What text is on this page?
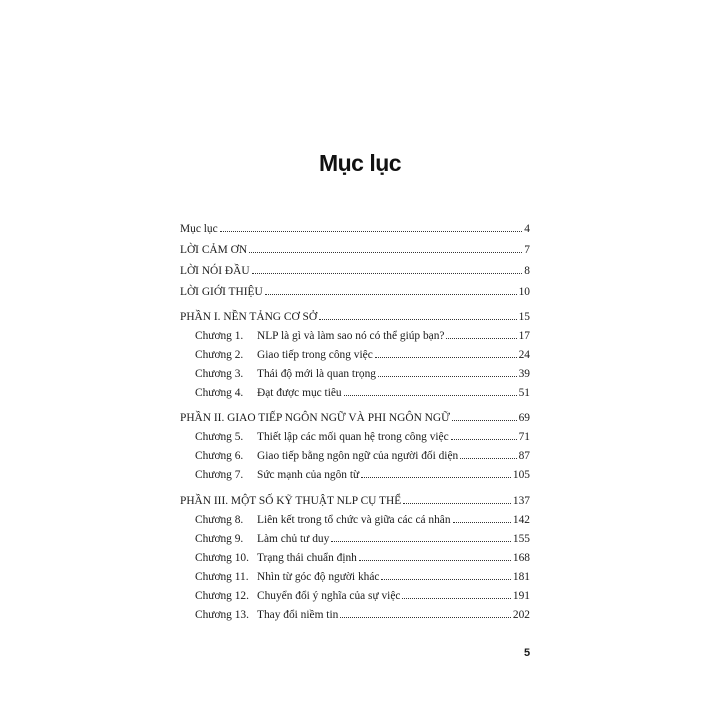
Mục lục
Mục lục	4
LỜI CẢM ƠN	7
LỜI NÓI ĐẦU	8
LỜI GIỚI THIỆU	10
PHẦN I. NỀN TẢNG CƠ SỞ	15
Chương 1.	NLP là gì và làm sao nó có thể giúp bạn?	17
Chương 2.	Giao tiếp trong công việc	24
Chương 3.	Thái độ mới là quan trọng	39
Chương 4.	Đạt được mục tiêu	51
PHẦN II. GIAO TIẾP NGÔN NGỮ VÀ PHI NGÔN NGỮ	69
Chương 5.	Thiết lập các mối quan hệ trong công việc	71
Chương 6.	Giao tiếp bằng ngôn ngữ của người đối diện	87
Chương 7.	Sức mạnh của ngôn từ	105
PHẦN III. MỘT SỐ KỸ THUẬT NLP CỤ THỂ	137
Chương 8.	Liên kết trong tổ chức và giữa các cá nhân	142
Chương 9.	Làm chủ tư duy	155
Chương 10. Trạng thái chuẩn định	168
Chương 11. Nhìn từ góc độ người khác	181
Chương 12. Chuyển đổi ý nghĩa của sự việc	191
Chương 13. Thay đổi niềm tin	202
5
